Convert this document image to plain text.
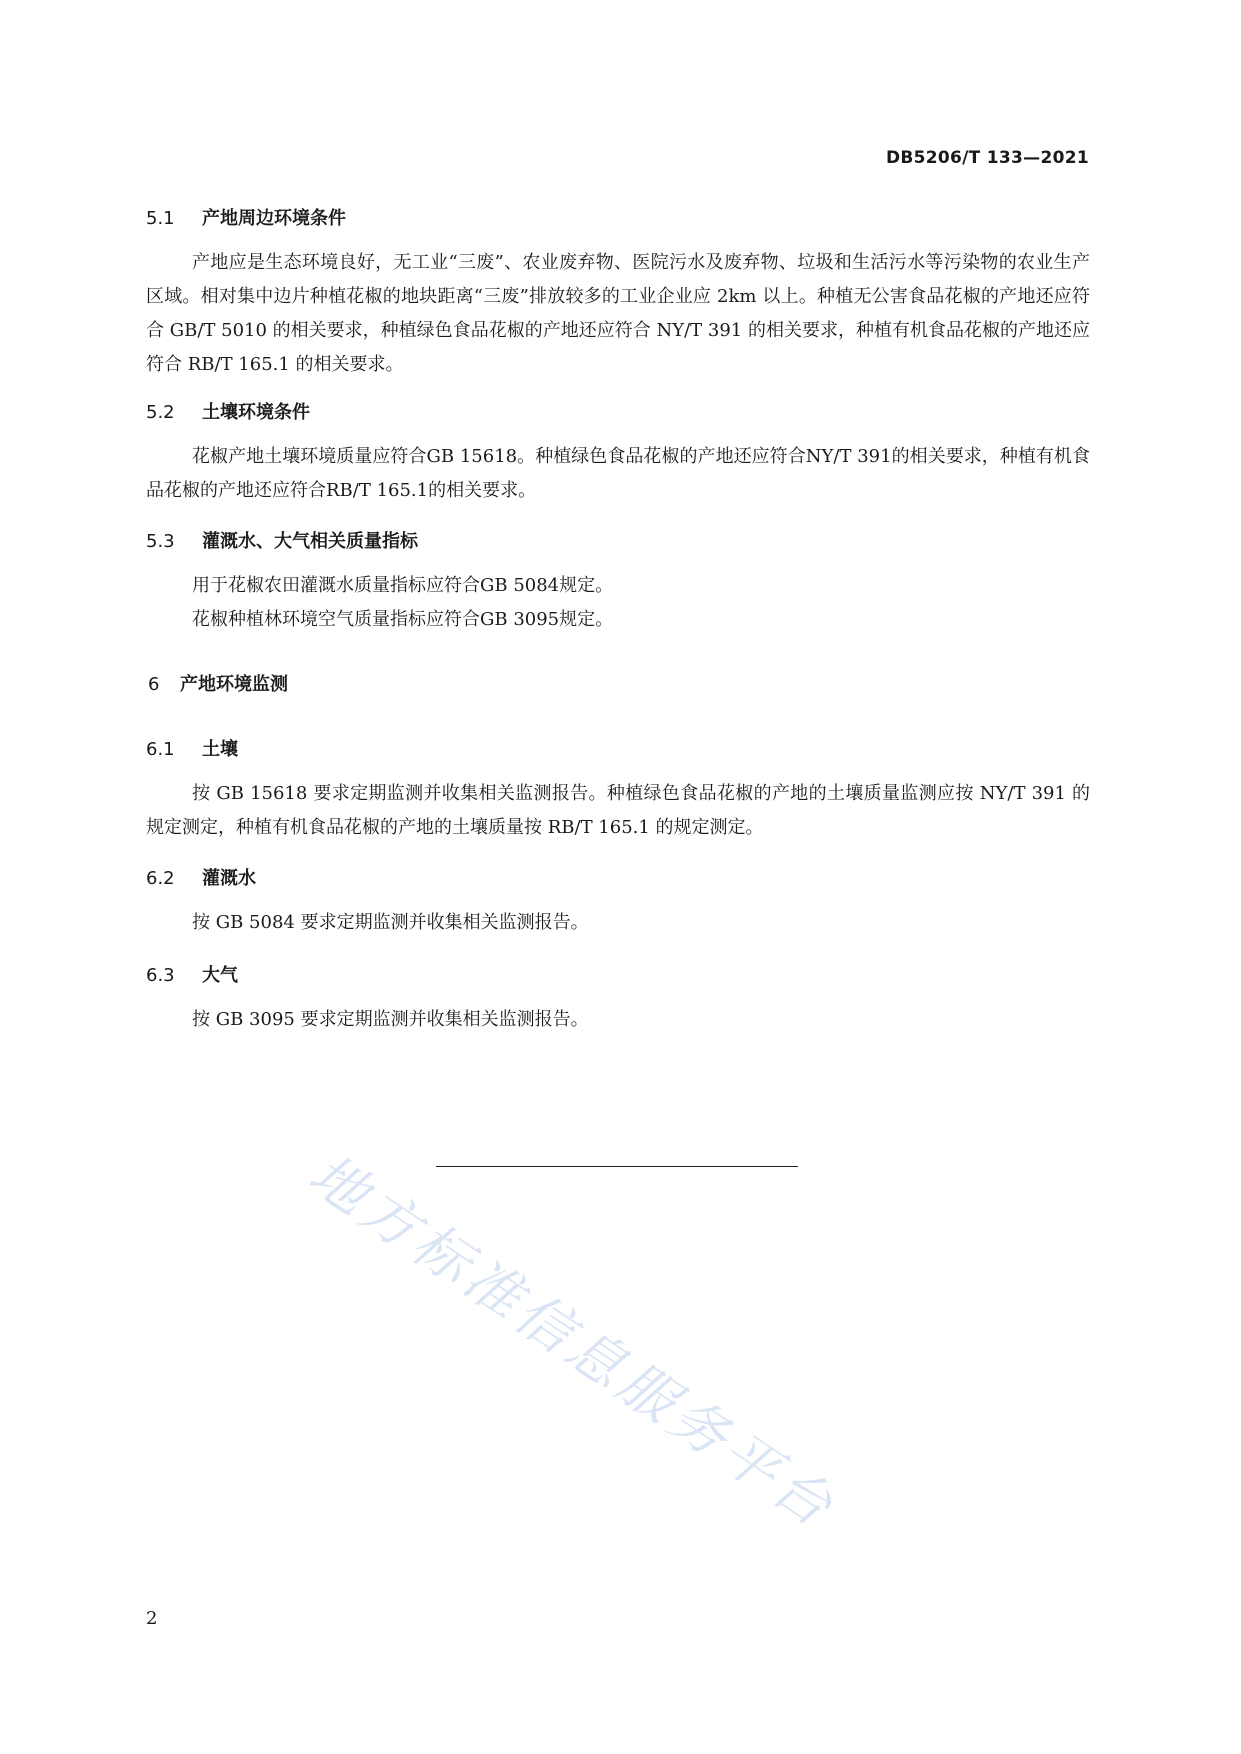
DB5206/T 133—2021
5.1 产地周边环境条件
产地应是生态环境良好，无工业“三废”、农业废弃物、医院污水及废弃物、垃圾和生活污水等污染物的农业生产区域。相对集中边片种植花椒的地块距离“三废”排放较多的工业企业应 2km 以上。种植无公害食品花椒的产地还应符合 GB/T 5010 的相关要求，种植绿色食品花椒的产地还应符合 NY/T 391 的相关要求，种植有机食品花椒的产地还应符合 RB/T 165.1 的相关要求。
5.2 土壤环境条件
花椒产地土壤环境质量应符合GB 15618。种植绿色食品花椒的产地还应符合NY/T 391的相关要求，种植有机食品花椒的产地还应符合RB/T 165.1的相关要求。
5.3 灌溉水、大气相关质量指标
用于花椒农田灌溉水质量指标应符合GB 5084规定。
花椒种植林环境空气质量指标应符合GB 3095规定。
6 产地环境监测
6.1 土壤
按 GB 15618 要求定期监测并收集相关监测报告。种植绿色食品花椒的产地的土壤质量监测应按 NY/T 391 的规定测定，种植有机食品花椒的产地的土壤质量按 RB/T 165.1 的规定测定。
6.2 灌溉水
按 GB 5084 要求定期监测并收集相关监测报告。
6.3 大气
按 GB 3095 要求定期监测并收集相关监测报告。
地方标准信息服务平台
2
